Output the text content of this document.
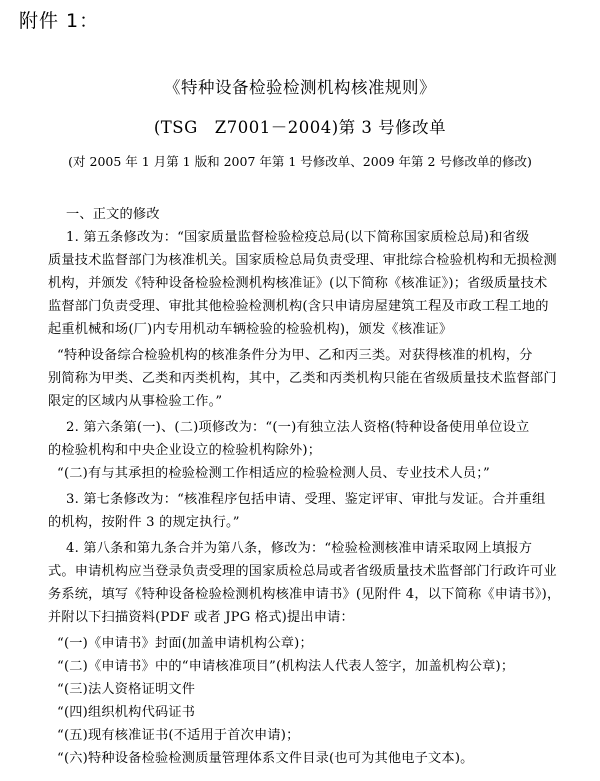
附件 1：
《特种设备检验检测机构核准规则》
(TSG　Z7001－2004)第 3 号修改单
(对 2005 年 1 月第 1 版和 2007 年第 1 号修改单、2009 年第 2 号修改单的修改)
一、正文的修改
1. 第五条修改为：“国家质量监督检验检疫总局(以下简称国家质检总局)和省级
质量技术监督部门为核准机关。国家质检总局负责受理、审批综合检验机构和无损检测
机构，并颁发《特种设备检验检测机构核准证》(以下简称《核准证》)；省级质量技术
监督部门负责受理、审批其他检验检测机构(含只申请房屋建筑工程及市政工程工地的
起重机械和场(厂)内专用机动车辆检验的检验机构)，颁发《核准证》
“特种设备综合检验机构的核准条件分为甲、乙和丙三类。对获得核准的机构，分
别简称为甲类、乙类和丙类机构，其中，乙类和丙类机构只能在省级质量技术监督部门
限定的区域内从事检验工作。”
2. 第六条第(一)、(二)项修改为：“(一)有独立法人资格(特种设备使用单位设立
的检验机构和中央企业设立的检验机构除外)；
“(二)有与其承担的检验检测工作相适应的检验检测人员、专业技术人员；”
3. 第七条修改为：“核准程序包括申请、受理、鉴定评审、审批与发证。合并重组
的机构，按附件 3 的规定执行。”
4. 第八条和第九条合并为第八条，修改为：“检验检测核准申请采取网上填报方
式。申请机构应当登录负责受理的国家质检总局或者省级质量技术监督部门行政许可业
务系统，填写《特种设备检验检测机构核准申请书》(见附件 4，以下简称《申请书》)，
并附以下扫描资料(PDF 或者 JPG 格式)提出申请：
“(一)《申请书》封面(加盖申请机构公章)；
“(二)《申请书》中的“申请核准项目”(机构法人代表人签字，加盖机构公章)；
“(三)法人资格证明文件
“(四)组织机构代码证书
“(五)现有核准证书(不适用于首次申请)；
“(六)特种设备检验检测质量管理体系文件目录(也可为其他电子文本)。
